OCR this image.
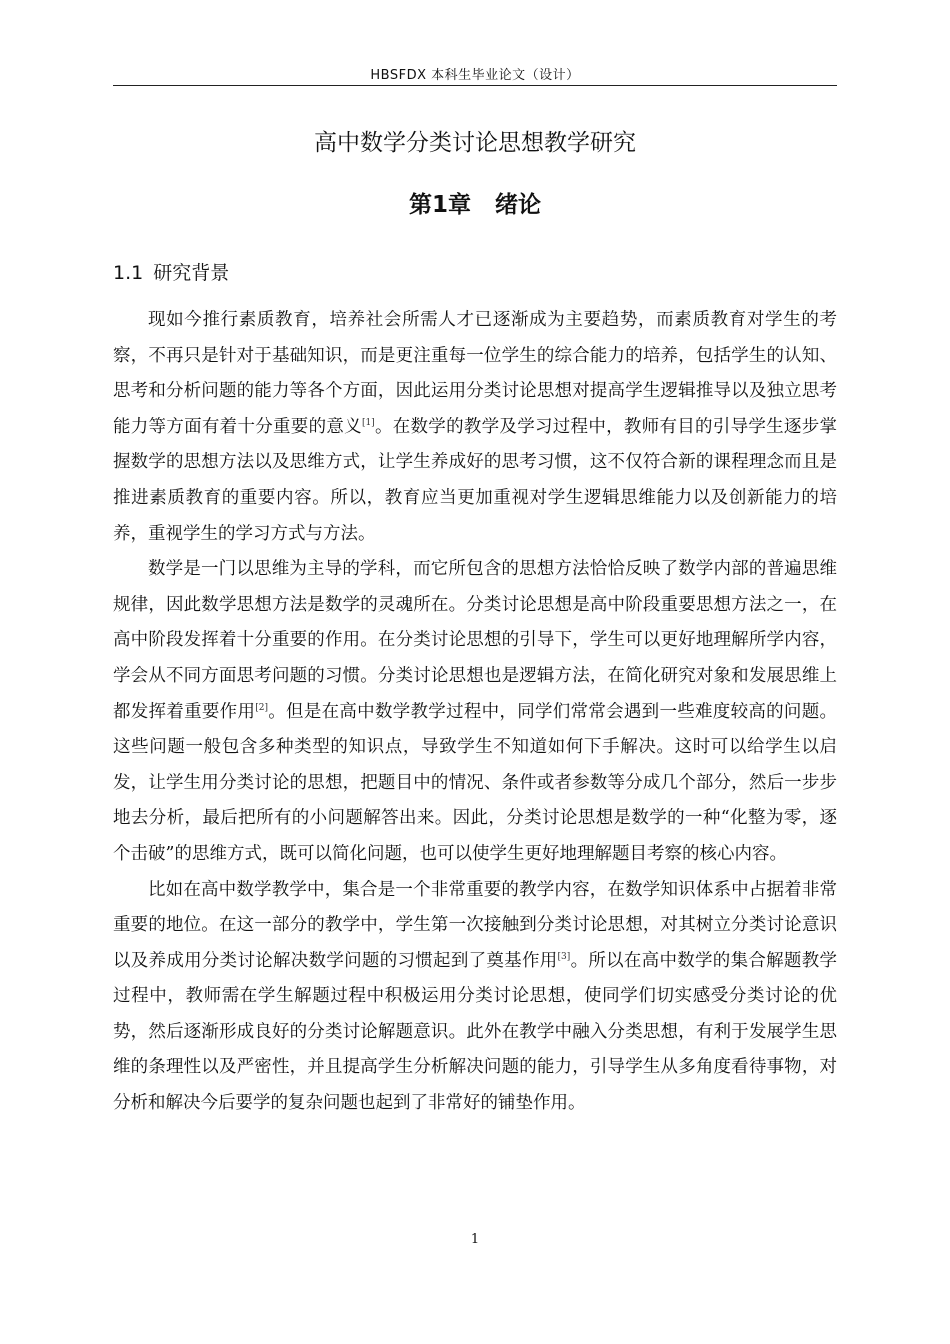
HBSFDX 本科生毕业论文（设计）
高中数学分类讨论思想教学研究
第1章 绪论
1.1 研究背景

现如今推行素质教育，培养社会所需人才已逐渐成为主要趋势，而素质教育对学生的考察，不再只是针对于基础知识，而是更注重每一位学生的综合能力的培养，包括学生的认知、思考和分析问题的能力等各个方面，因此运用分类讨论思想对提高学生逻辑推导以及独立思考能力等方面有着十分重要的意义[1]。在数学的教学及学习过程中，教师有目的引导学生逐步掌握数学的思想方法以及思维方式，让学生养成好的思考习惯，这不仅符合新的课程理念而且是推进素质教育的重要内容。所以，教育应当更加重视对学生逻辑思维能力以及创新能力的培养，重视学生的学习方式与方法。

数学是一门以思维为主导的学科，而它所包含的思想方法恰恰反映了数学内部的普遍思维规律，因此数学思想方法是数学的灵魂所在。分类讨论思想是高中阶段重要思想方法之一，在高中阶段发挥着十分重要的作用。在分类讨论思想的引导下，学生可以更好地理解所学内容，学会从不同方面思考问题的习惯。分类讨论思想也是逻辑方法，在简化研究对象和发展思维上都发挥着重要作用[2]。但是在高中数学教学过程中，同学们常常会遇到一些难度较高的问题。这些问题一般包含多种类型的知识点，导致学生不知道如何下手解决。这时可以给学生以启发，让学生用分类讨论的思想，把题目中的情况、条件或者参数等分成几个部分，然后一步步地去分析，最后把所有的小问题解答出来。因此，分类讨论思想是数学的一种“化整为零，逐个击破”的思维方式，既可以简化问题，也可以使学生更好地理解题目考察的核心内容。

比如在高中数学教学中，集合是一个非常重要的教学内容，在数学知识体系中占据着非常重要的地位。在这一部分的教学中，学生第一次接触到分类讨论思想，对其树立分类讨论意识以及养成用分类讨论解决数学问题的习惯起到了奠基作用[3]。所以在高中数学的集合解题教学过程中，教师需在学生解题过程中积极运用分类讨论思想，使同学们切实感受分类讨论的优势，然后逐渐形成良好的分类讨论解题意识。此外在教学中融入分类思想，有利于发展学生思维的条理性以及严密性，并且提高学生分析解决问题的能力，引导学生从多角度看待事物，对分析和解决今后要学的复杂问题也起到了非常好的铺垫作用。

1
